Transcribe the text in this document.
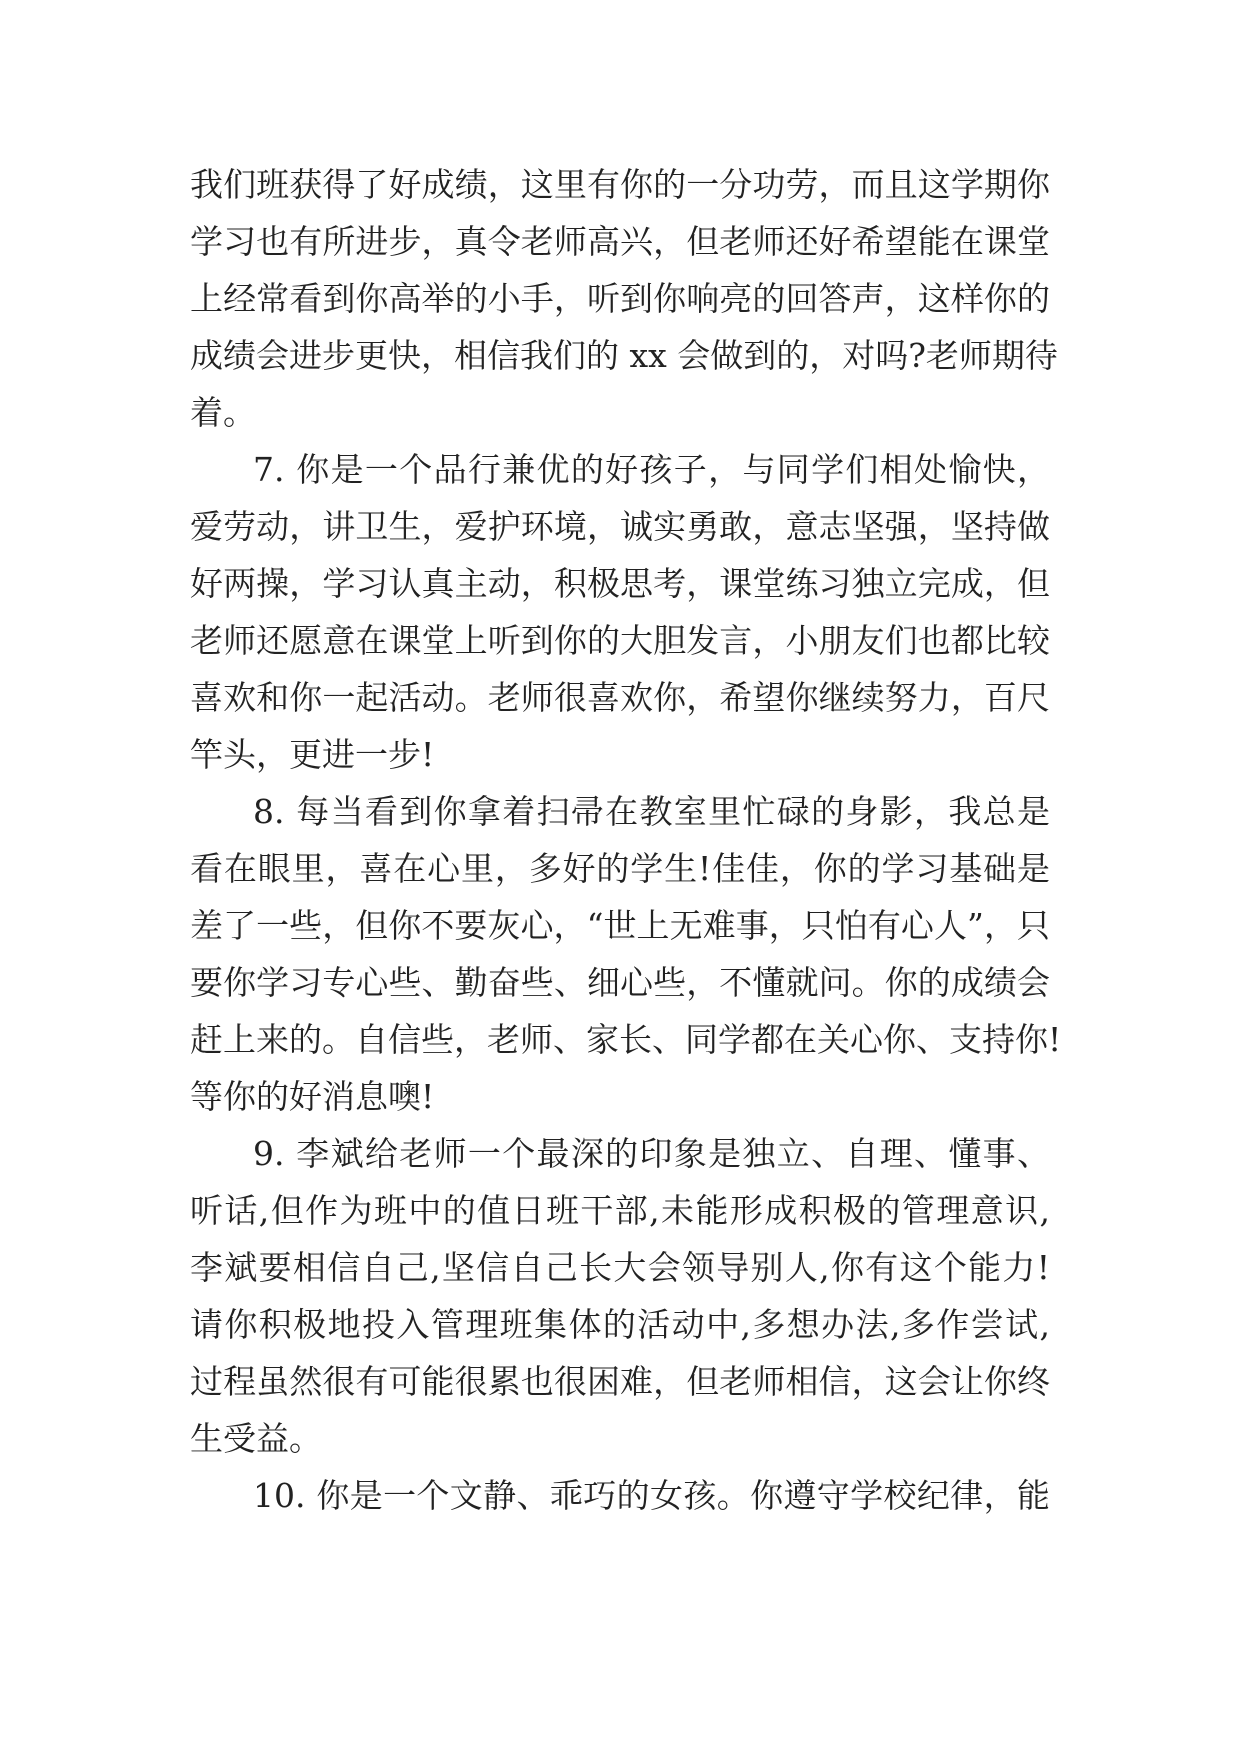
我们班获得了好成绩，这里有你的一分功劳，而且这学期你
学习也有所进步，真令老师高兴，但老师还好希望能在课堂
上经常看到你高举的小手，听到你响亮的回答声，这样你的
成绩会进步更快，相信我们的 xx 会做到的，对吗?老师期待
着。
7. 你是一个品行兼优的好孩子，与同学们相处愉快，
爱劳动，讲卫生，爱护环境，诚实勇敢，意志坚强，坚持做
好两操，学习认真主动，积极思考，课堂练习独立完成，但
老师还愿意在课堂上听到你的大胆发言，小朋友们也都比较
喜欢和你一起活动。老师很喜欢你，希望你继续努力，百尺
竿头，更进一步!
8. 每当看到你拿着扫帚在教室里忙碌的身影，我总是
看在眼里，喜在心里，多好的学生!佳佳，你的学习基础是
差了一些，但你不要灰心，“世上无难事，只怕有心人”，只
要你学习专心些、勤奋些、细心些，不懂就问。你的成绩会
赶上来的。自信些，老师、家长、同学都在关心你、支持你!
等你的好消息噢!
9. 李斌给老师一个最深的印象是独立、自理、懂事、
听话,但作为班中的值日班干部,未能形成积极的管理意识,
李斌要相信自己,坚信自己长大会领导别人,你有这个能力!
请你积极地投入管理班集体的活动中,多想办法,多作尝试,
过程虽然很有可能很累也很困难，但老师相信，这会让你终
生受益。
10. 你是一个文静、乖巧的女孩。你遵守学校纪律，能
